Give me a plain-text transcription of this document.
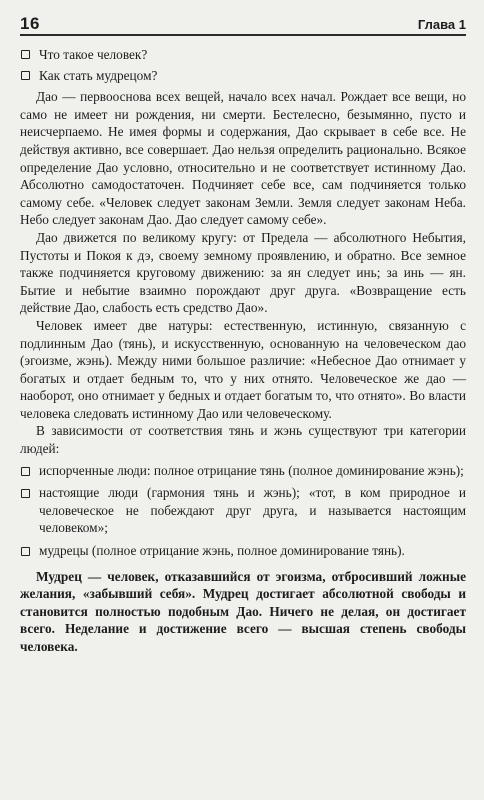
16	Глава 1
Что такое человек?
Как стать мудрецом?

Дао — первооснова всех вещей, начало всех начал. Рождает все вещи, но само не имеет ни рождения, ни смерти. Бестелесно, безымянно, пусто и неисчерпаемо. Не имея формы и содержания, Дао скрывает в себе все. Не действуя активно, все совершает. Дао нельзя определить рационально. Всякое определение Дао условно, относительно и не соответствует истинному Дао. Абсолютно самодостаточен. Подчиняет себе все, сам подчиняется только самому себе. «Человек следует законам Земли. Земля следует законам Неба. Небо следует законам Дао. Дао следует самому себе».

Дао движется по великому кругу: от Предела — абсолютного Небытия, Пустоты и Покоя к дэ, своему земному проявлению, и обратно. Все земное также подчиняется круговому движению: за ян следует инь; за инь — ян. Бытие и небытие взаимно порождают друг друга. «Возвращение есть действие Дао, слабость есть средство Дао».

Человек имеет две натуры: естественную, истинную, связанную с подлинным Дао (тянь), и искусственную, основанную на человеческом дао (эгоизме, жэнь). Между ними большое различие: «Небесное Дао отнимает у богатых и отдает бедным то, что у них отнято. Человеческое же дао — наоборот, оно отнимает у бедных и отдает богатым то, что отнято». Во власти человека следовать истинному Дао или человеческому.

В зависимости от соответствия тянь и жэнь существуют три категории людей:

испорченные люди: полное отрицание тянь (полное доминирование жэнь);
настоящие люди (гармония тянь и жэнь); «тот, в ком природное и человеческое не побеждают друг друга, и называется настоящим человеком»;
мудрецы (полное отрицание жэнь, полное доминирование тянь).

Мудрец — человек, отказавшийся от эгоизма, отбросивший ложные желания, «забывший себя». Мудрец достигает абсолютной свободы и становится полностью подобным Дао. Ничего не делая, он достигает всего. Неделание и достижение всего — высшая степень свободы человека.
